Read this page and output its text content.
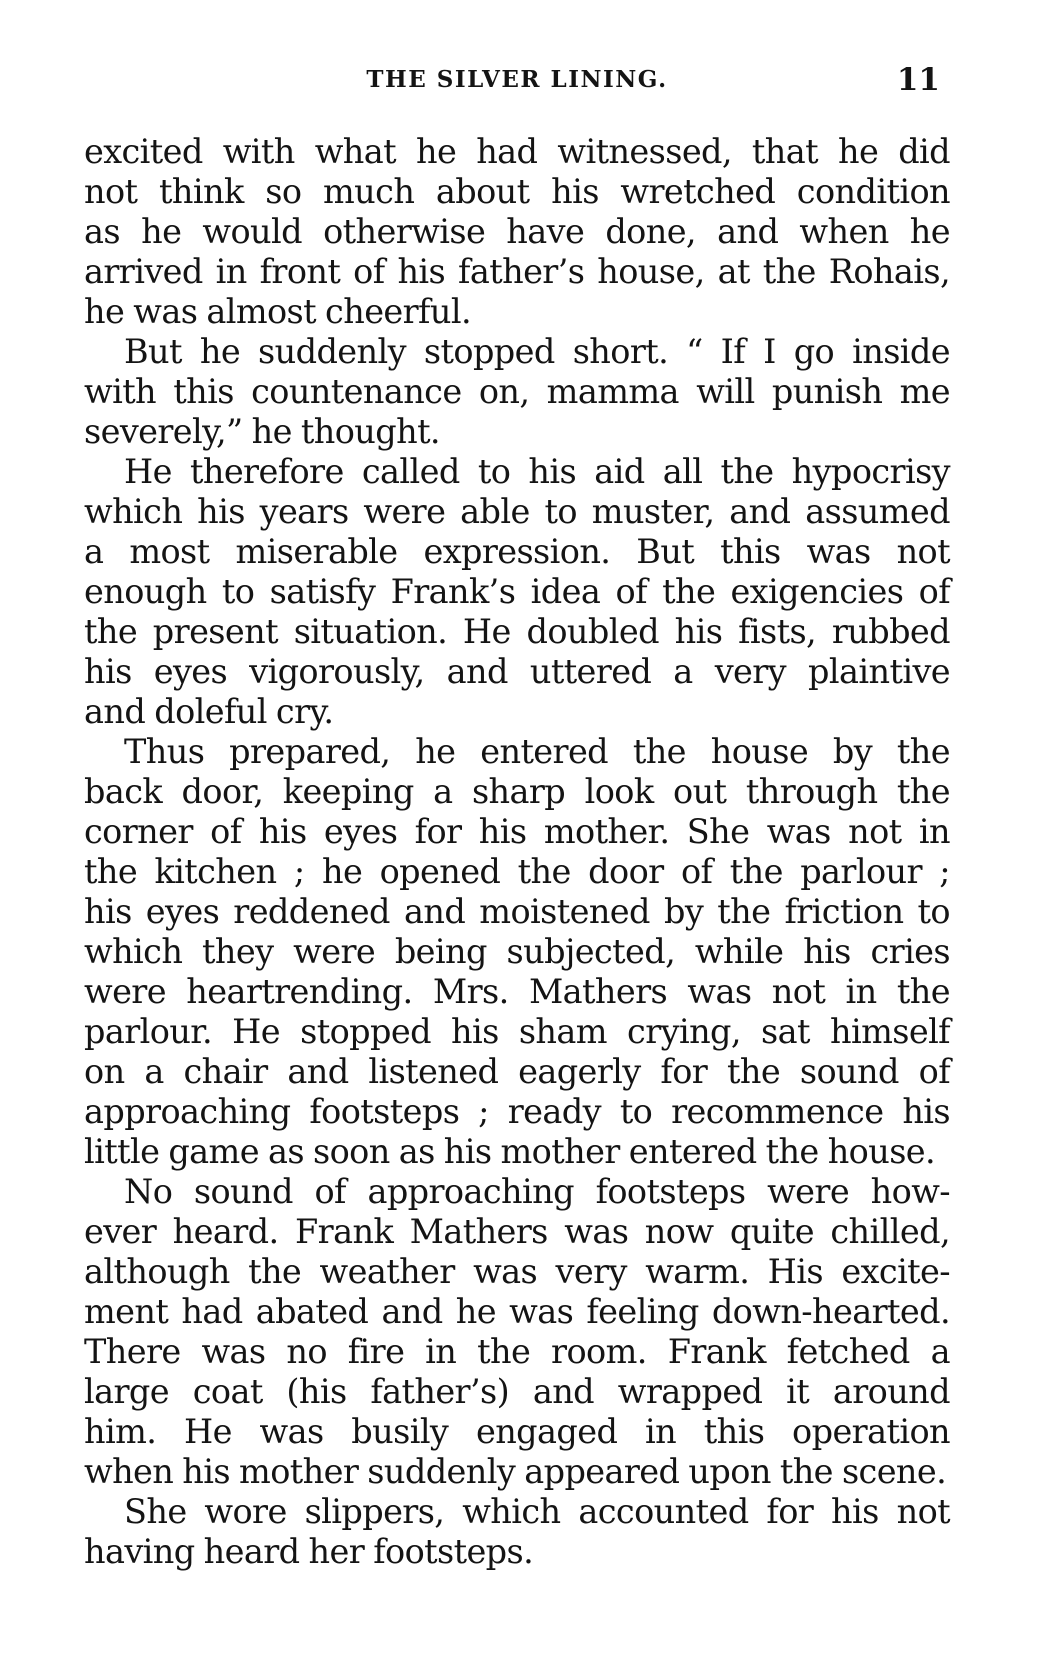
THE SILVER LINING.	11
excited with what he had witnessed, that he did
not think so much about his wretched condition
as he would otherwise have done, and when he
arrived in front of his father’s house, at the Rohais,
he was almost cheerful.
But he suddenly stopped short. “ If I go inside
with this countenance on, mamma will punish me
severely,” he thought.
He therefore called to his aid all the hypocrisy
which his years were able to muster, and assumed
a most miserable expression. But this was not
enough to satisfy Frank’s idea of the exigencies of
the present situation. He doubled his fists, rubbed
his eyes vigorously, and uttered a very plaintive
and doleful cry.
Thus prepared, he entered the house by the
back door, keeping a sharp look out through the
corner of his eyes for his mother. She was not in
the kitchen ; he opened the door of the parlour ;
his eyes reddened and moistened by the friction to
which they were being subjected, while his cries
were heartrending. Mrs. Mathers was not in the
parlour. He stopped his sham crying, sat himself
on a chair and listened eagerly for the sound of
approaching footsteps ; ready to recommence his
little game as soon as his mother entered the house.
No sound of approaching footsteps were how-
ever heard. Frank Mathers was now quite chilled,
although the weather was very warm. His excite-
ment had abated and he was feeling down-hearted.
There was no fire in the room. Frank fetched a
large coat (his father’s) and wrapped it around
him. He was busily engaged in this operation
when his mother suddenly appeared upon the scene.
She wore slippers, which accounted for his not
having heard her footsteps.
